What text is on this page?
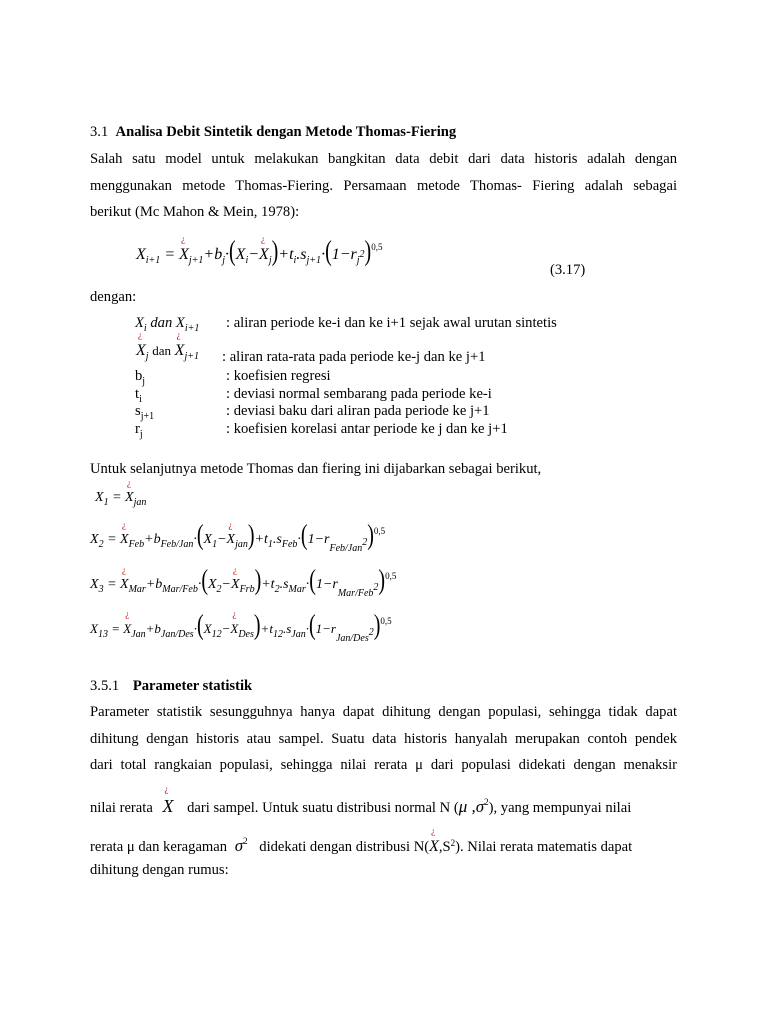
3.1 Analisa Debit Sintetik dengan Metode Thomas-Fiering
Salah satu model untuk melakukan bangkitan data debit dari data historis adalah dengan
menggunakan metode Thomas-Fiering. Persamaan metode Thomas- Fiering adalah sebagai
berikut (Mc Mahon & Mein, 1978):
$X_{i+1}$ = ¿ $X_{j+1}+b_j\cdot(X_i-¿$ $X_j)+t_i.s_{j+1}\cdot(1-r_j2)^{0,5}$
(3.17)
dengan:
$X_i$ dan $X_{i+1}$ : aliran periode ke-i dan ke i+1 sejak awal urutan sintetis
¿ $X_j$ dan ¿ $X_{j+1}$ : aliran rata-rata pada periode ke-j dan ke j+1
$b_j$	: koefisien regresi
$t_i$	: deviasi normal sembarang pada periode ke-i
$s_{j+1}$	: deviasi baku dari aliran pada periode ke j+1
$r_j$	: koefisien korelasi antar periode ke j dan ke j+1
Untuk selanjutnya metode Thomas dan fiering ini dijabarkan sebagai berikut,
$X_1$ = ¿ $X_{jan}$
$X_2$ = ¿ $X_{Feb}+b_{Feb/Jan}\cdot(X_1-¿$ $X_{jan})+t_1.s_{Feb}\cdot(1-r_{Feb/Jan}2)^{0,5}$
$X_3$ = ¿ $X_{Mar}+b_{Mar/Feb}\cdot(X_2-¿$ $X_{Frb})+t_2.s_{Mar}\cdot(1-r_{Mar/Feb}2)^{0,5}$
$X_{13}$ = ¿ $X_{Jan}+b_{Jan/Des}\cdot(X_{12}-¿$ $X_{Des})+t_{12}.s_{Jan}\cdot(1-r_{Jan/Des}2)^{0,5}$
3.5.1 Parameter statistik
Parameter statistik sesungguhnya hanya dapat dihitung dengan populasi, sehingga tidak dapat
dihitung dengan historis atau sampel. Suatu data historis hanyalah merupakan contoh pendek
dari total rangkaian populasi, sehingga nilai rerata μ dari populasi didekati dengan menaksir
nilai rerata ¿ X dari sampel. Untuk suatu distribusi normal N (μ $,\sigma^2$), yang mempunyai nilai
rerata μ dan keragaman $\sigma^2$ didekati dengan distribusi N(¿ $X,S^2$). Nilai rerata matematis dapat
dihitung dengan rumus:
